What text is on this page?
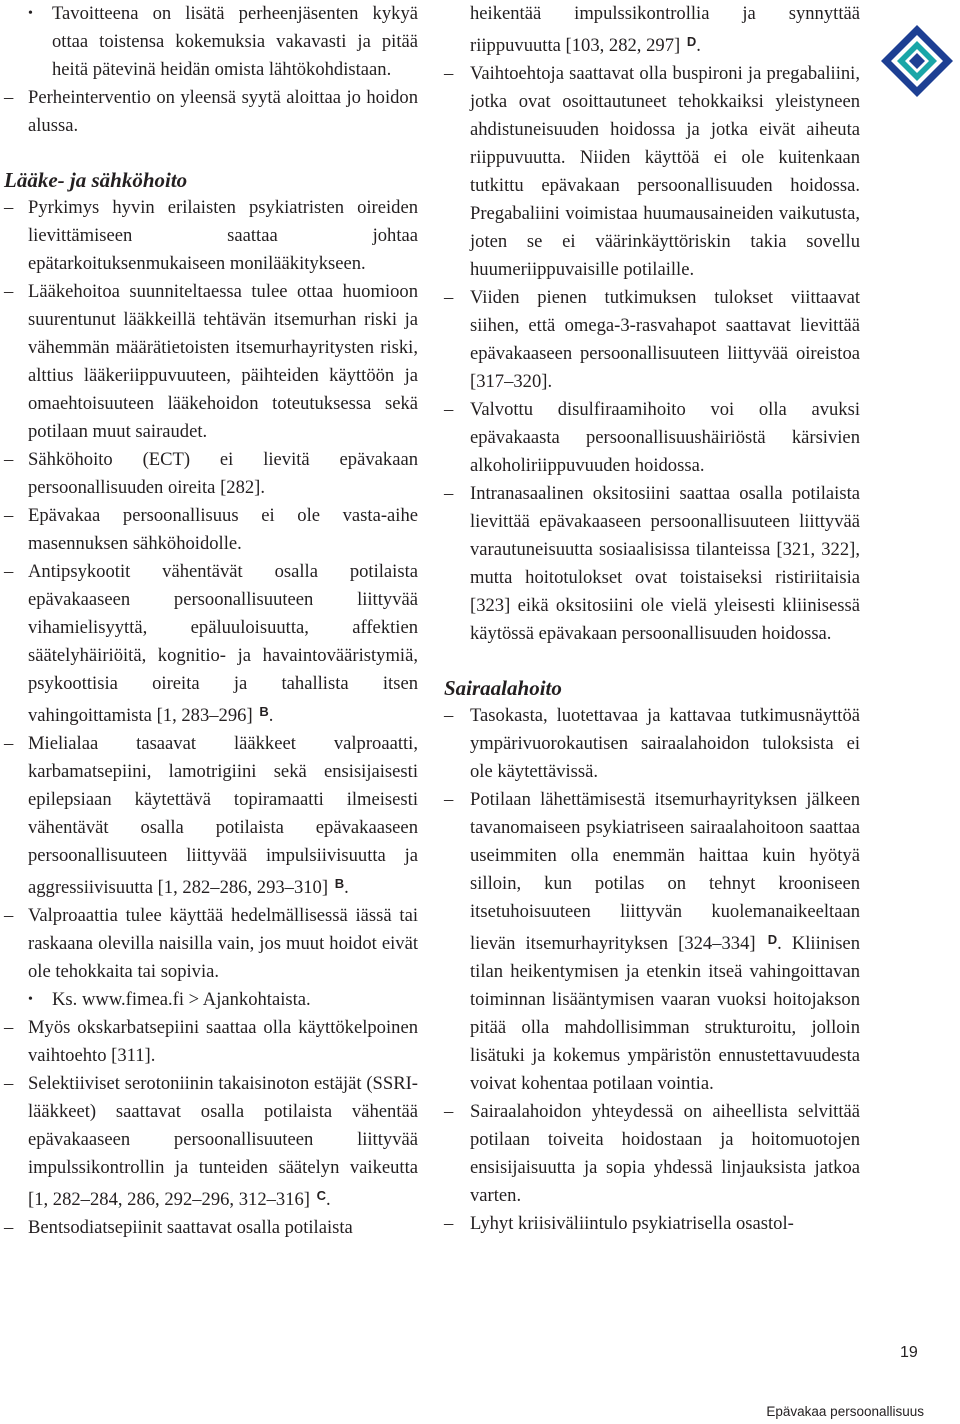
• Tavoitteena on lisätä perheenjäsenten kykyä ottaa toistensa kokemuksia vakavasti ja pitää heitä pätevinä heidän omista lähtökohdistaan.
– Perheinterventio on yleensä syytä aloittaa jo hoidon alussa.
Lääke- ja sähköhoito
– Pyrkimys hyvin erilaisten psykiatristen oireiden lievittämiseen saattaa johtaa epätarkoituksenmukaiseen monilääkitykseen.
– Lääkehoitoa suunniteltaessa tulee ottaa huomioon suurentunut lääkkeillä tehtävän itsemurhan riski ja vähemmän määrätietoisten itsemurhayritysten riski, alttius lääkeriippuvuuteen, päihteiden käyttöön ja omaehtoisuuteen lääkehoidon toteutuksessa sekä potilaan muut sairaudet.
– Sähköhoito (ECT) ei lievitä epävakaan persoonallisuuden oireita [282].
– Epävakaa persoonallisuus ei ole vasta-aihe masennuksen sähköhoidolle.
– Antipsykootit vähentävät osalla potilaista epävakaaseen persoonallisuuteen liittyvää vihamielisyyttä, epäluuloisuutta, affektien säätelyhäiriöitä, kognitio- ja havaintovääristymiä, psykoottisia oireita ja tahallista itsen vahingoittamista [1, 283–296] $^B$.
– Mielialaa tasaavat lääkkeet valproaatti, karbamatsepiini, lamotrigiini sekä ensisijaisesti epilepsiaan käytettävä topiramaatti ilmeisesti vähentävät osalla potilaista epävakaaseen persoonallisuuteen liittyvää impulsiivisuutta ja aggressiivisuutta [1, 282–286, 293–310] $^B$.
– Valproaattia tulee käyttää hedelmällisessä iässä tai raskaana olevilla naisilla vain, jos muut hoidot eivät ole tehokkaita tai sopivia.
• Ks. www.fimea.fi > Ajankohtaista.
– Myös okskarbatsepiini saattaa olla käyttökelpoinen vaihtoehto [311].
– Selektiiviset serotoniinin takaisinoton estäjät (SSRI-lääkkeet) saattavat osalla potilaista vähentää epävakaaseen persoonallisuuteen liittyvää impulssikontrollin ja tunteiden säätelyn vaikeutta [1, 282–284, 286, 292–296, 312–316] $^C$.
– Bentsodiatsepiinit saattavat osalla potilaista
heikentää impulssikontrollia ja synnyttää riippuvuutta [103, 282, 297] $^D$.
– Vaihtoehtoja saattavat olla buspironi ja pregabaliini, jotka ovat osoittautuneet tehokkaiksi yleistyneen ahdistuneisuuden hoidossa ja jotka eivät aiheuta riippuvuutta. Niiden käyttöä ei ole kuitenkaan tutkittu epävakaan persoonallisuuden hoidossa. Pregabaliini voimistaa huumausaineiden vaikutusta, joten se ei väärinkäyttöriskin takia sovellu huumeriippuvaisille potilaille.
– Viiden pienen tutkimuksen tulokset viittaavat siihen, että omega-3-rasvahapot saattavat lievittää epävakaaseen persoonallisuuteen liittyvää oireistoa [317–320].
– Valvottu disulfiraamihoito voi olla avuksi epävakaasta persoonallisuushäiriöstä kärsivien alkoholiriippuvuuden hoidossa.
– Intranasaalinen oksitosiini saattaa osalla potilaista lievittää epävakaaseen persoonallisuuteen liittyvää varautuneisuutta sosiaalisissa tilanteissa [321, 322], mutta hoitotulokset ovat toistaiseksi ristiriitaisia [323] eikä oksitosiini ole vielä yleisesti kliinisessä käytössä epävakaan persoonallisuuden hoidossa.
Sairaalahoito
– Tasokasta, luotettavaa ja kattavaa tutkimusnäyttöä ympärivuorokautisen sairaalahoidon tuloksista ei ole käytettävissä.
– Potilaan lähettämisestä itsemurhayrityksen jälkeen tavanomaiseen psykiatriseen sairaalahoitoon saattaa useimmiten olla enemmän haittaa kuin hyötyä silloin, kun potilas on tehnyt krooniseen itsetuhoisuuteen liittyvän kuolemanaikeeltaan lievän itsemurhayrityksen [324–334] $^D$. Kliinisen tilan heikentymisen ja etenkin itseä vahingoittavan toiminnan lisääntymisen vaaran vuoksi hoitojakson pitää olla mahdollisimman strukturoitu, jolloin lisätuki ja kokemus ympäristön ennustettavuudesta voivat kohentaa potilaan vointia.
– Sairaalahoidon yhteydessä on aiheellista selvittää potilaan toiveita hoidostaan ja hoitomuotojen ensisijaisuutta ja sopia yhdessä linjauksista jatkoa varten.
– Lyhyt kriisiväliintulo psykiatrisella osastol-
19
Epävakaa persoonallisuus
